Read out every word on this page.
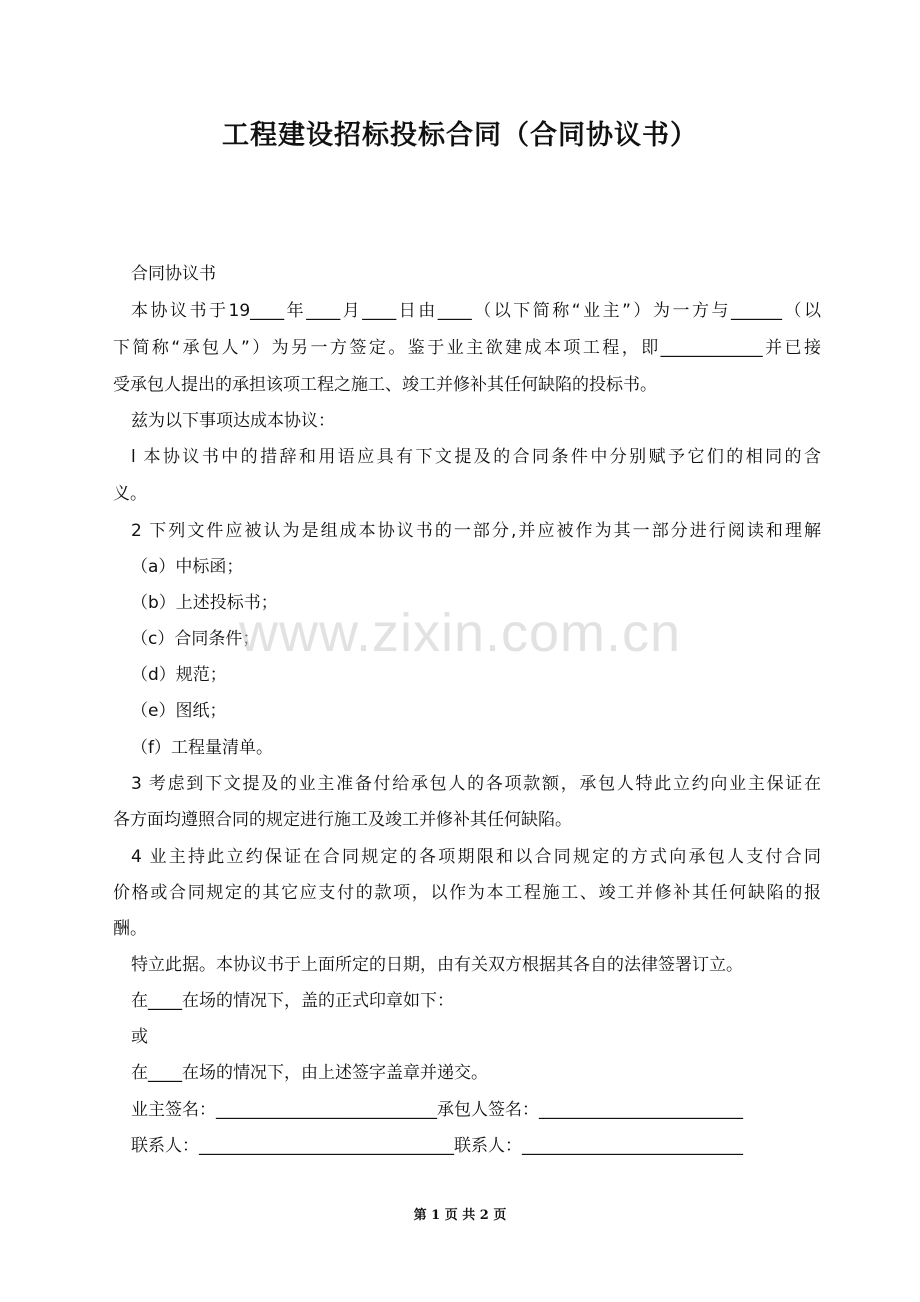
工程建设招标投标合同（合同协议书）
合同协议书
本协议书于19____年____月____日由____（以下简称“业主”）为一方与______（以
下简称“承包人”）为另一方签定。鉴于业主欲建成本项工程，即____________并已接
受承包人提出的承担该项工程之施工、竣工并修补其任何缺陷的投标书。
兹为以下事项达成本协议：
l 本协议书中的措辞和用语应具有下文提及的合同条件中分别赋予它们的相同的含
义。
2 下列文件应被认为是组成本协议书的一部分,并应被作为其一部分进行阅读和理解
（a）中标函；
（b）上述投标书；
（c）合同条件；
（d）规范；
（e）图纸；
（f）工程量清单。
3 考虑到下文提及的业主准备付给承包人的各项款额，承包人特此立约向业主保证在
各方面均遵照合同的规定进行施工及竣工并修补其任何缺陷。
4 业主持此立约保证在合同规定的各项期限和以合同规定的方式向承包人支付合同
价格或合同规定的其它应支付的款项，以作为本工程施工、竣工并修补其任何缺陷的报
酬。
特立此据。本协议书于上面所定的日期，由有关双方根据其各自的法律签署订立。
在____在场的情况下，盖的正式印章如下：
或
在____在场的情况下，由上述签字盖章并递交。
业主签名：__________________________承包人签名：________________________
联系人：______________________________联系人：__________________________
www.zixin.com.cn
第 1 页 共 2 页
